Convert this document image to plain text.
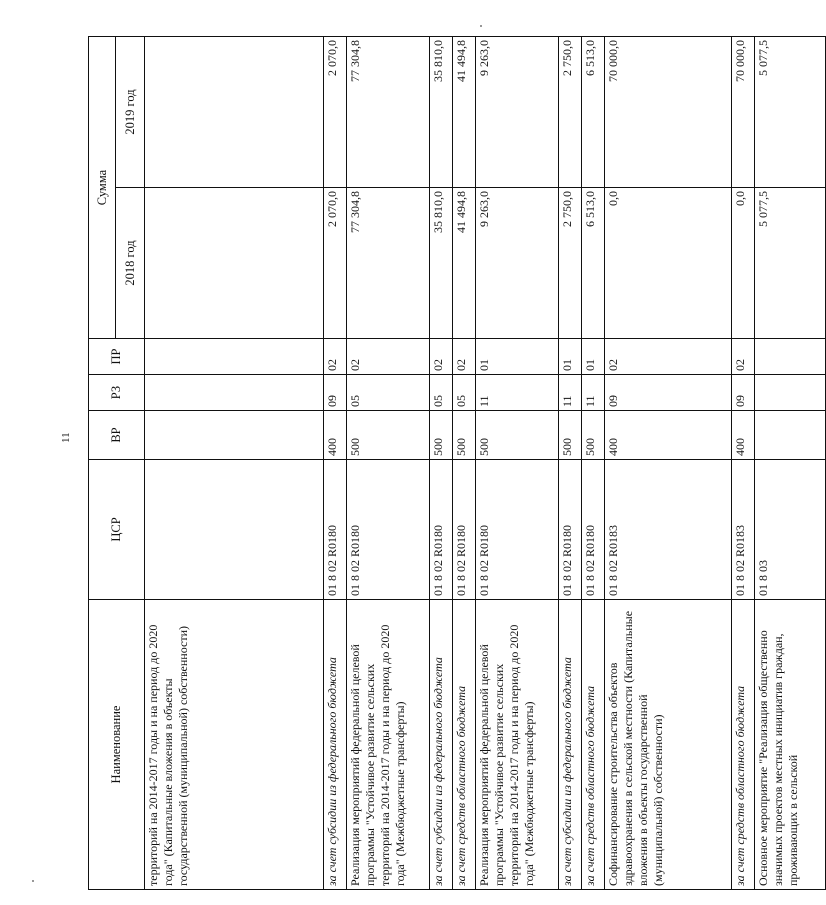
11
Наименование	ЦСР	ВР	РЗ	ПР	Сумма	
					2018 год	2019 год
территорий на 2014-2017 годы и на период до 2020 года" (Капитальные вложения в объекты государственной (муниципальной) собственности)						
за счет субсидии из федерального бюджета	01 8 02 R0180	400	09	02	2 070,0	2 070,0
Реализация мероприятий федеральной целевой программы "Устойчивое развитие сельских территорий на 2014-2017 годы и на период до 2020 года" (Межбюджетные трансферты)	01 8 02 R0180	500	05	02	77 304,8	77 304,8
за счет субсидии из федерального бюджета	01 8 02 R0180	500	05	02	35 810,0	35 810,0
за счет средств областного бюджета	01 8 02 R0180	500	05	02	41 494,8	41 494,8
Реализация мероприятий федеральной целевой программы "Устойчивое развитие сельских территорий на 2014-2017 годы и на период до 2020 года" (Межбюджетные трансферты)	01 8 02 R0180	500	11	01	9 263,0	9 263,0
за счет субсидии из федерального бюджета	01 8 02 R0180	500	11	01	2 750,0	2 750,0
за счет средств областного бюджета	01 8 02 R0180	500	11	01	6 513,0	6 513,0
Софинансирование строительства объектов здравоохранения в сельской местности (Капитальные вложения в объекты государственной (муниципальной) собственности)	01 8 02 R0183	400	09	02	0,0	70 000,0
за счет средств областного бюджета	01 8 02 R0183	400	09	02	0,0	70 000,0
Основное мероприятие "Реализация общественно значимых проектов местных инициатив граждан, проживающих в сельской	01 8 03				5 077,5	5 077,5
